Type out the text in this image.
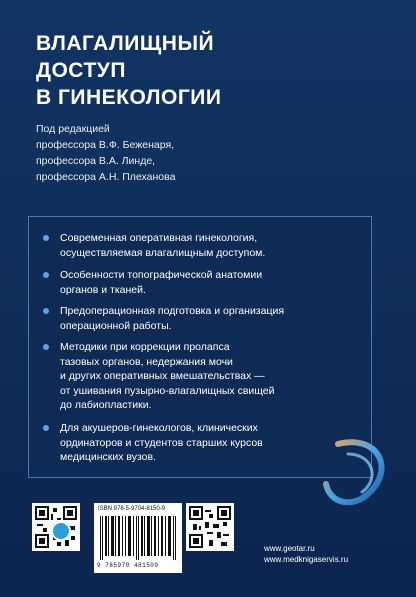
ВЛАГАЛИЩНЫЙ
ДОСТУП
В ГИНЕКОЛОГИИ
Под редакцией
профессора В.Ф. Беженаря,
профессора В.А. Линде,
профессора А.Н. Плеханова
Современная оперативная гинекология,
осуществляемая влагалищным доступом.
Особенности топографической анатомии
органов и тканей.
Предоперационная подготовка и организация
операционной работы.
Методики при коррекции пролапса
тазовых органов, недержания мочи
и других оперативных вмешательствах —
от ушивания пузырно-влагалищных свищей
до лабиопластики.
Для акушеров-гинекологов, клинических
ординаторов и студентов старших курсов
медицинских вузов.
ISBN 978-5-9704-8150-9
9 785970 481509
www.geotar.ru
www.medknigaservis.ru
